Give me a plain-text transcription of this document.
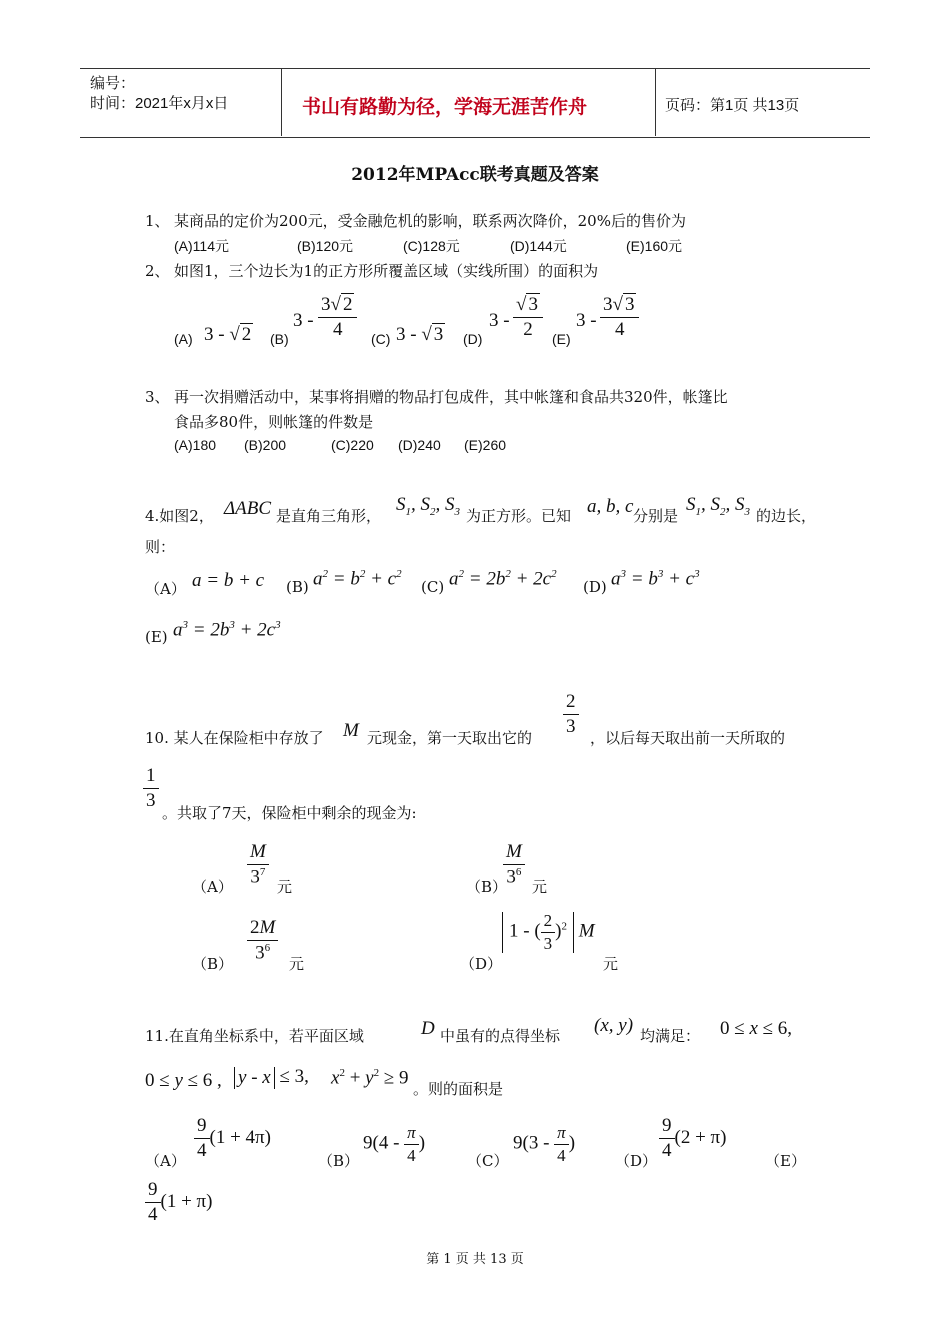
编号：
时间：2021年x月x日	书山有路勤为径，学海无涯苦作舟	页码：第1页 共13页
2012年MPAcc联考真题及答案
1、 某商品的定价为200元，受金融危机的影响，联系两次降价，20%后的售价为
(A)114元	(B)120元	(C)128元	(D)144元	(E)160元
2、 如图1，三个边长为1的正方形所覆盖区域（实线所围）的面积为
(A) 3 - √ 2 (B)
$3 - \frac{3√ 2}{4} (C)$ 3 - √ 3 (D)
$3 - \frac{√ 3}{2} (E)$
$3 - \frac{3√ 3}{4}$
3、 再一次捐赠活动中，某事将捐赠的物品打包成件，其中帐篷和食品共320件，帐篷比
食品多80件，则帐篷的件数是
(A)180 (B)200	(C)220 (D)240 (E)260
4.如图2， ΔABC 是直角三角形，
$S_1$, $S_2$, $S_3$ 为正方形。已知 a, b, c 分别是
$S_1$, $S_2$, $S_3$ 的边长，
则：
（A） a = b + c (B) $a^2 = b^2 + c^2$
(C) $a^2 = 2b^2 + 2c^2$
(D) $a^3 = b^3 + c^3$
(E) $a^3 = 2b^3 + 2c^3$
10. 某人在保险柜中存放了 M 元现金，第一天取出它的
$\frac{2}{3}$
，以后每天取出前一天所取的
$\frac{1}{3}$
。共取了7天，保险柜中剩余的现金为:
$(A) \frac{M}{3^7}$ 元	（B）
$\frac{M}{3^6}$ 元
（B）
$\frac{2M}{3^6}$
元	（D）
1 - ( $\frac{2}{3} )^2$ M
元
11.在直角坐标系中，若平面区域	D 中虽有的点得坐标 (x, y) 均满足： 0 ≤ x ≤ 6,
0 ≤ y ≤ 6 , y - x ≤ 3, $x^2 + y^2 \ge 9$
。则的面积是
（A）
$\frac{9}{4} (1 + 4\pi)$
（B）
$9(4 - \frac{\pi}{4}$ )
（C）
$9(3 - \frac{\pi}{4}$ )
（D）
$\frac{9}{4} (2 + \pi)$
（E）
$\frac{9}{4} (1 + \pi)$
第 1 页 共 13 页
